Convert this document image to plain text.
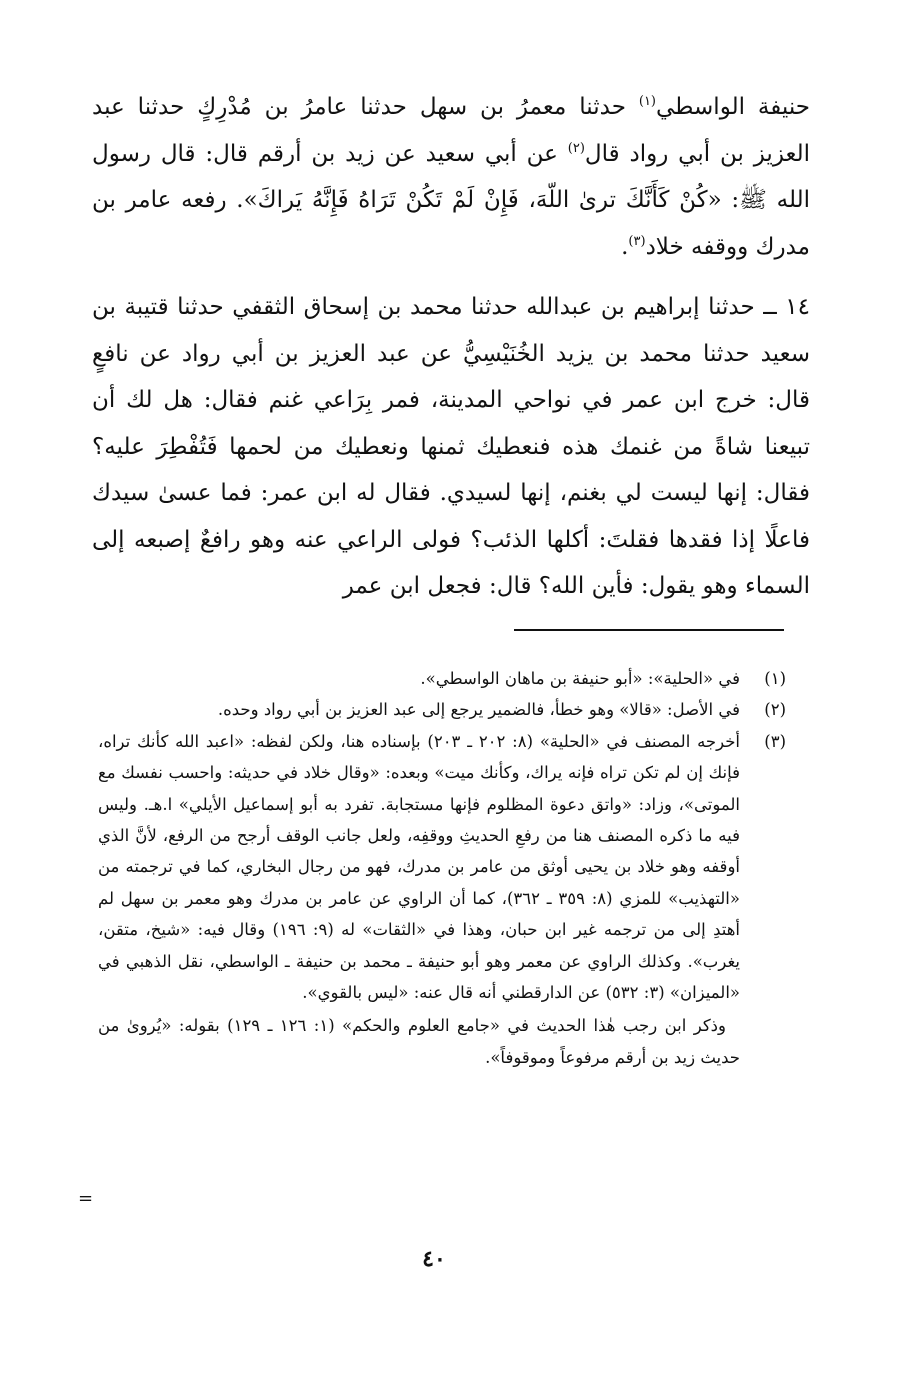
حنيفة الواسطي$^{(١)}$ حدثنا معمرُ بن سهل حدثنا عامرُ بن مُدْرِكٍ حدثنا عبد العزيز بن أبي رواد قال$^{(٢)}$ عن أبي سعيد عن زيد بن أرقم قال: قال رسول الله ﷺ: «كُنْ كَأَنَّكَ ترىٰ اللّهَ، فَإِنْ لَمْ تَكُنْ تَرَاهُ فَإِنَّهُ يَراكَ». رفعه عامر بن مدرك ووقفه خلاد$^{(٣)}$.

١٤ ــ حدثنا إبراهيم بن عبدالله حدثنا محمد بن إسحاق الثقفي حدثنا قتيبة بن سعيد حدثنا محمد بن يزيد الخُنَيْسِيُّ عن عبد العزيز بن أبي رواد عن نافعٍ قال: خرج ابن عمر في نواحي المدينة، فمر بِرَاعي غنم فقال: هل لك أن تبيعنا شاةً من غنمك هذه فنعطيك ثمنها ونعطيك من لحمها فَتُفْطِرَ عليه؟ فقال: إنها ليست لي بغنم، إنها لسيدي. فقال له ابن عمر: فما عسىٰ سيدك فاعلًا إذا فقدها فقلتَ: أكلها الذئب؟ فولى الراعي عنه وهو رافعٌ إصبعه إلى السماء وهو يقول: فأين الله؟ قال: فجعل ابن عمر

(١)
في «الحلية»: «أبو حنيفة بن ماهان الواسطي».
(٢)
في الأصل: «قالا» وهو خطأ، فالضمير يرجع إلى عبد العزيز بن أبي رواد وحده.
(٣)
أخرجه المصنف في «الحلية» (٨: ٢٠٢ ـ ٢٠٣) بإسناده هنا، ولكن لفظه: «اعبد الله كأنك تراه، فإنك إن لم تكن تراه فإنه يراك، وكأنك ميت» وبعده: «وقال خلاد في حديثه: واحسب نفسك مع الموتى»، وزاد: «واتق دعوة المظلوم فإنها مستجابة. تفرد به أبو إسماعيل الأيلي» ا.هـ. وليس فيه ما ذكره المصنف هنا من رفعِ الحديثِ ووقفِه، ولعل جانب الوقف أرجح من الرفع، لأنَّ الذي أوقفه وهو خلاد بن يحيى أوثق من عامر بن مدرك، فهو من رجال البخاري، كما في ترجمته من «التهذيب» للمزي (٨: ٣٥٩ ـ ٣٦٢)، كما أن الراوي عن عامر بن مدرك وهو معمر بن سهل لم أهتدِ إلى من ترجمه غير ابن حبان، وهذا في «الثقات» له (٩: ١٩٦) وقال فيه: «شيخ، متقن، يغرب». وكذلك الراوي عن معمر وهو أبو حنيفة ـ محمد بن حنيفة ـ الواسطي، نقل الذهبي في «الميزان» (٣: ٥٣٢) عن الدارقطني أنه قال عنه: «ليس بالقوي».
وذكر ابن رجب هٰذا الحديث في «جامع العلوم والحكم» (١: ١٢٦ ـ ١٢٩) بقوله: «يُروىٰ من حديث زيد بن أرقم مرفوعاً وموقوفاً».
=
٤٠
